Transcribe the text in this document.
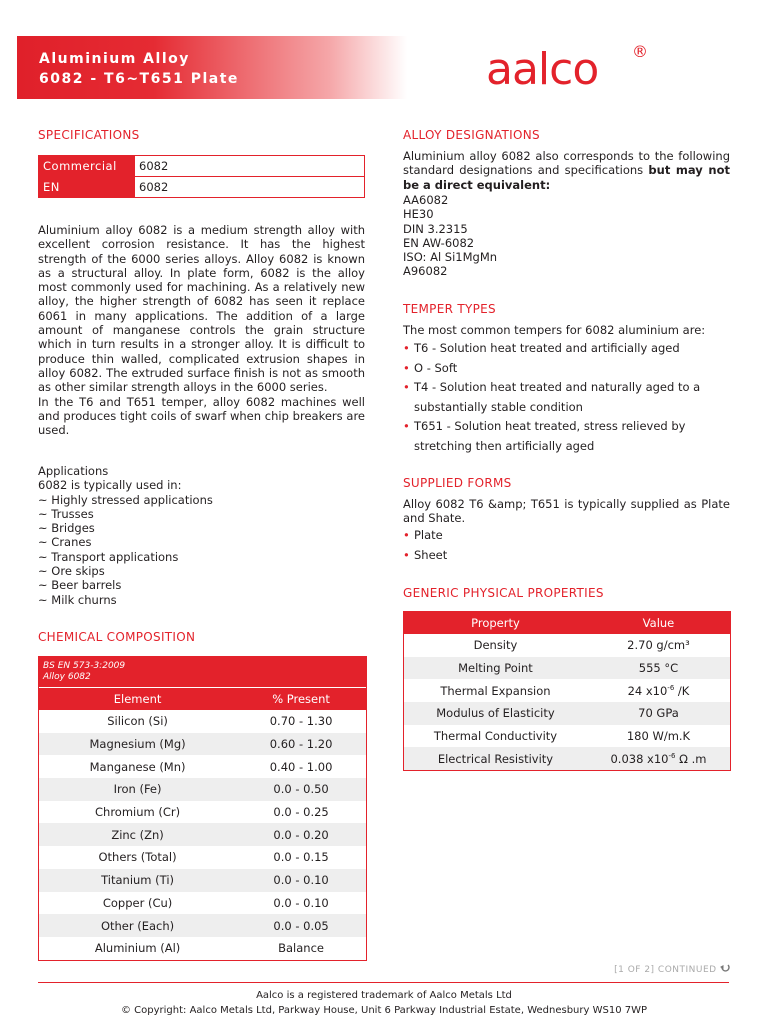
Aluminium Alloy
6082 - T6~T651 Plate	aalco ®
SPECIFICATIONS
Commercial	6082
EN	6082
Aluminium alloy 6082 is a medium strength alloy with excellent corrosion resistance. It has the highest strength of the 6000 series alloys. Alloy 6082 is known as a structural alloy. In plate form, 6082 is the alloy most commonly used for machining. As a relatively new alloy, the higher strength of 6082 has seen it replace 6061 in many applications. The addition of a large amount of manganese controls the grain structure which in turn results in a stronger alloy. It is difficult to produce thin walled, complicated extrusion shapes in alloy 6082. The extruded surface finish is not as smooth as other similar strength alloys in the 6000 series.
In the T6 and T651 temper, alloy 6082 machines well and produces tight coils of swarf when chip breakers are used.
Applications
6082 is typically used in:
~ Highly stressed applications
~ Trusses
~ Bridges
~ Cranes
~ Transport applications
~ Ore skips
~ Beer barrels
~ Milk churns
CHEMICAL COMPOSITION
BS EN 573-3:2009
Alloy 6082
Element	% Present
Silicon (Si)	0.70 - 1.30
Magnesium (Mg)	0.60 - 1.20
Manganese (Mn)	0.40 - 1.00
Iron (Fe)	0.0 - 0.50
Chromium (Cr)	0.0 - 0.25
Zinc (Zn)	0.0 - 0.20
Others (Total)	0.0 - 0.15
Titanium (Ti)	0.0 - 0.10
Copper (Cu)	0.0 - 0.10
Other (Each)	0.0 - 0.05
Aluminium (Al)	Balance
ALLOY DESIGNATIONS
Aluminium alloy 6082 also corresponds to the following standard designations and specifications but may not be a direct equivalent:
AA6082
HE30
DIN 3.2315
EN AW-6082
ISO: Al Si1MgMn
A96082
TEMPER TYPES
The most common tempers for 6082 aluminium are:
• T6 - Solution heat treated and artificially aged
• O - Soft
• T4 - Solution heat treated and naturally aged to a substantially stable condition
• T651 - Solution heat treated, stress relieved by stretching then artificially aged
SUPPLIED FORMS
Alloy 6082 T6 &amp; T651 is typically supplied as Plate and Shate.
• Plate
• Sheet
GENERIC PHYSICAL PROPERTIES
Property	Value
Density	2.70 g/cm³
Melting Point	555 °C
Thermal Expansion	24 $x10^{-6}$ /K
Modulus of Elasticity	70 GPa
Thermal Conductivity	180 W/m.K
Electrical Resistivity	0.038 $x10^{-6}$ Ω .m
[1 OF 2] CONTINUED
Aalco is a registered trademark of Aalco Metals Ltd
© Copyright: Aalco Metals Ltd, Parkway House, Unit 6 Parkway Industrial Estate, Wednesbury WS10 7WP
